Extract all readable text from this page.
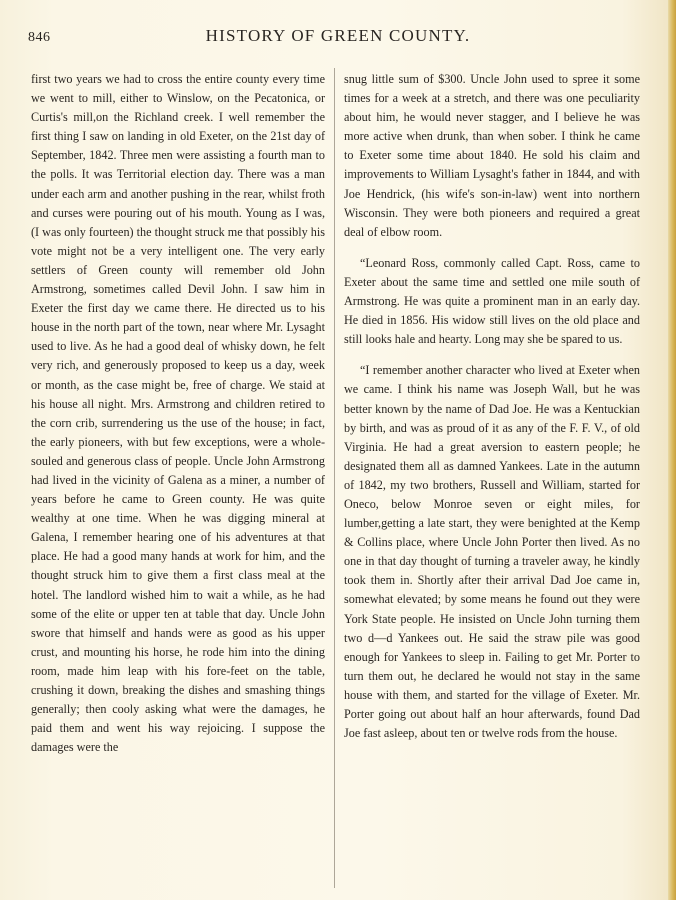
846	HISTORY OF GREEN COUNTY.

first two years we had to cross the entire county every time we went to mill, either to Winslow, on the Pecatonica, or Curtis's mill,on the Richland creek. I well remember the first thing I saw on landing in old Exeter, on the 21st day of September, 1842. Three men were assisting a fourth man to the polls. It was Territorial election day. There was a man under each arm and another pushing in the rear, whilst froth and curses were pouring out of his mouth. Young as I was, (I was only fourteen) the thought struck me that possibly his vote might not be a very intelligent one. The very early settlers of Green county will remember old John Armstrong, sometimes called Devil John. I saw him in Exeter the first day we came there. He directed us to his house in the north part of the town, near where Mr. Lysaght used to live. As he had a good deal of whisky down, he felt very rich, and generously proposed to keep us a day, week or month, as the case might be, free of charge. We staid at his house all night. Mrs. Armstrong and children retired to the corn crib, surrendering us the use of the house; in fact, the early pioneers, with but few exceptions, were a whole-souled and generous class of people. Uncle John Armstrong had lived in the vicinity of Galena as a miner, a number of years before he came to Green county. He was quite wealthy at one time. When he was digging mineral at Galena, I remember hearing one of his adventures at that place. He had a good many hands at work for him, and the thought struck him to give them a first class meal at the hotel. The landlord wished him to wait a while, as he had some of the elite or upper ten at table that day. Uncle John swore that himself and hands were as good as his upper crust, and mounting his horse, he rode him into the dining room, made him leap with his fore-feet on the table, crushing it down, breaking the dishes and smashing things generally; then cooly asking what were the damages, he paid them and went his way rejoicing. I suppose the damages were the

snug little sum of $300. Uncle John used to spree it some times for a week at a stretch, and there was one peculiarity about him, he would never stagger, and I believe he was more active when drunk, than when sober. I think he came to Exeter some time about 1840. He sold his claim and improvements to William Lysaght's father in 1844, and with Joe Hendrick, (his wife's son-in-law) went into northern Wisconsin. They were both pioneers and required a great deal of elbow room.

“Leonard Ross, commonly called Capt. Ross, came to Exeter about the same time and settled one mile south of Armstrong. He was quite a prominent man in an early day. He died in 1856. His widow still lives on the old place and still looks hale and hearty. Long may she be spared to us.

“I remember another character who lived at Exeter when we came. I think his name was Joseph Wall, but he was better known by the name of Dad Joe. He was a Kentuckian by birth, and was as proud of it as any of the F. F. V., of old Virginia. He had a great aversion to eastern people; he designated them all as damned Yankees. Late in the autumn of 1842, my two brothers, Russell and William, started for Oneco, below Monroe seven or eight miles, for lumber,getting a late start, they were benighted at the Kemp & Collins place, where Uncle John Porter then lived. As no one in that day thought of turning a traveler away, he kindly took them in. Shortly after their arrival Dad Joe came in, somewhat elevated; by some means he found out they were York State people. He insisted on Uncle John turning them two d—d Yankees out. He said the straw pile was good enough for Yankees to sleep in. Failing to get Mr. Porter to turn them out, he declared he would not stay in the same house with them, and started for the village of Exeter. Mr. Porter going out about half an hour afterwards, found Dad Joe fast asleep, about ten or twelve rods from the house.
